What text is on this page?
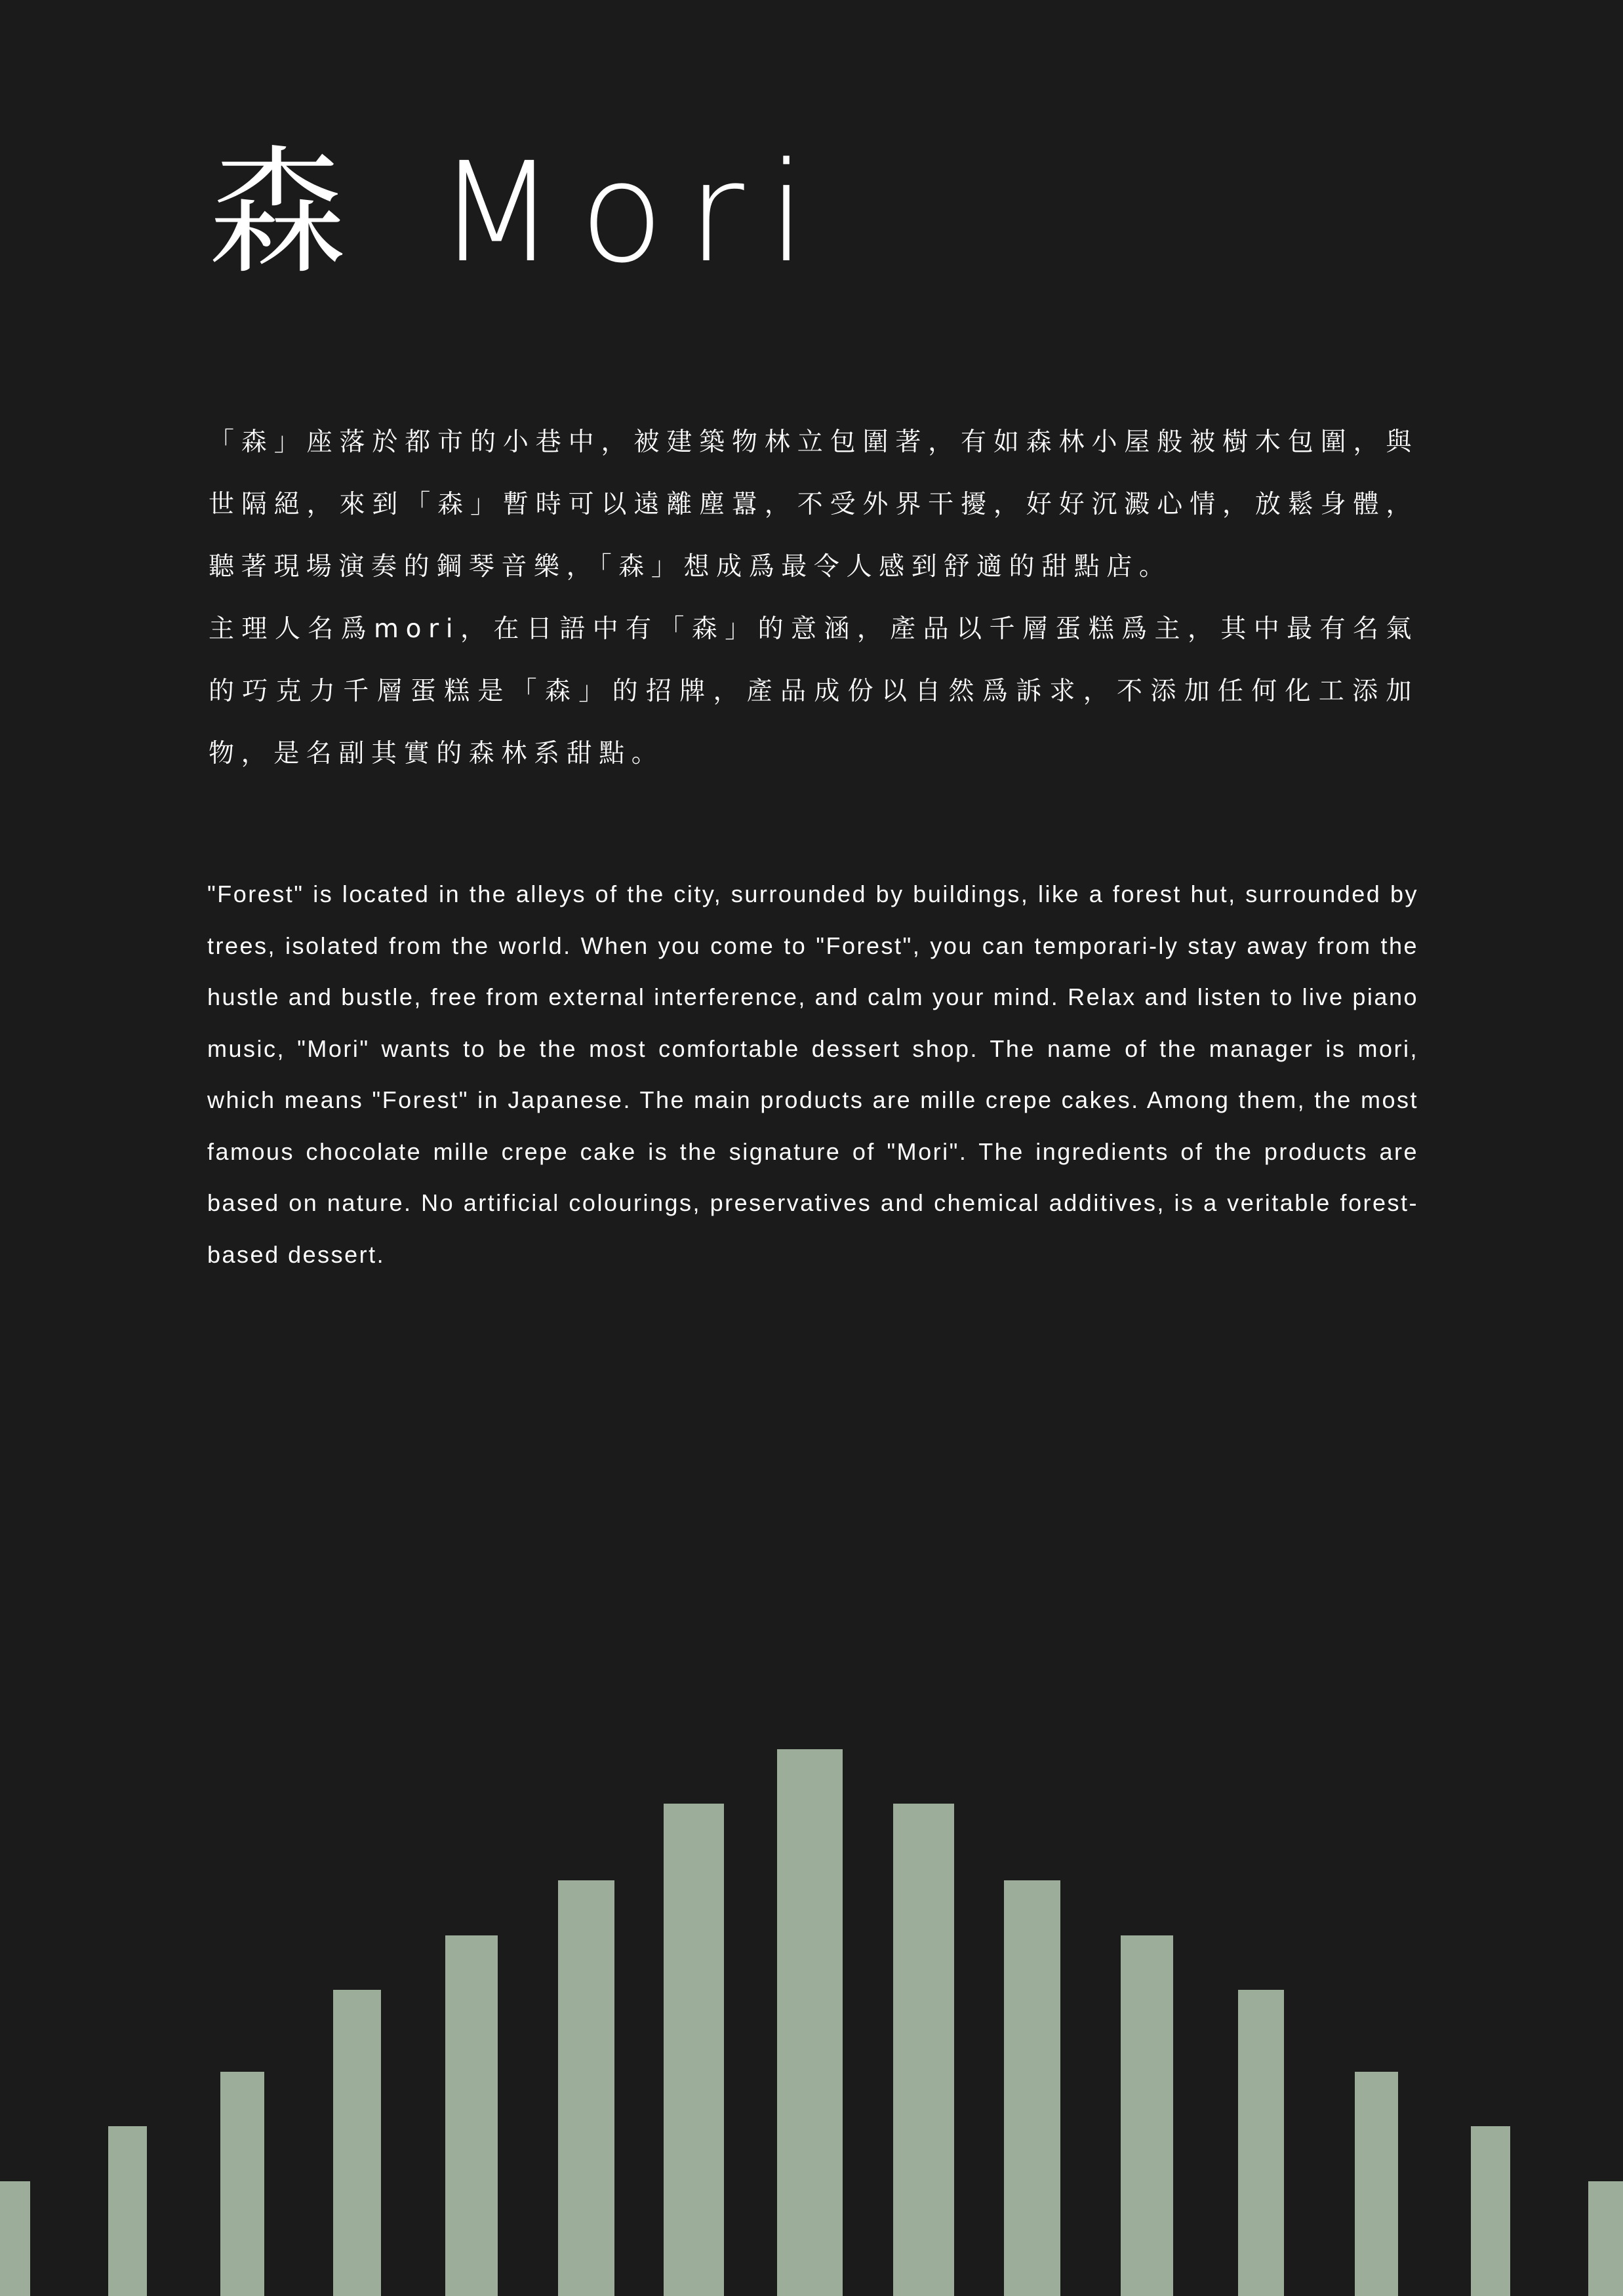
森 Mori

「森」座落於都市的小巷中，被建築物林立包圍著，有如森林小屋般被樹木包圍，與世隔絕，來到「森」暫時可以遠離塵囂，不受外界干擾，好好沉澱心情，放鬆身體，聽著現場演奏的鋼琴音樂，「森」想成爲最令人感到舒適的甜點店。

主理人名爲mori，在日語中有「森」的意涵，產品以千層蛋糕爲主，其中最有名氣的巧克力千層蛋糕是「森」的招牌，產品成份以自然爲訴求，不添加任何化工添加物，是名副其實的森林系甜點。

"Forest" is located in the alleys of the city, surrounded by buildings, like a forest hut, surrounded by trees, isolated from the world. When you come to "Forest", you can temporari-ly stay away from the hustle and bustle, free from external interference, and calm your mind. Relax and listen to live piano music, "Mori" wants to be the most comfortable dessert shop. The name of the manager is mori, which means "Forest" in Japanese. The main products are mille crepe cakes. Among them, the most famous chocolate mille crepe cake is the signature of "Mori". The ingredients of the products are based on nature. No artificial colourings, preservatives and chemical additives, is a veritable forest-based dessert.
